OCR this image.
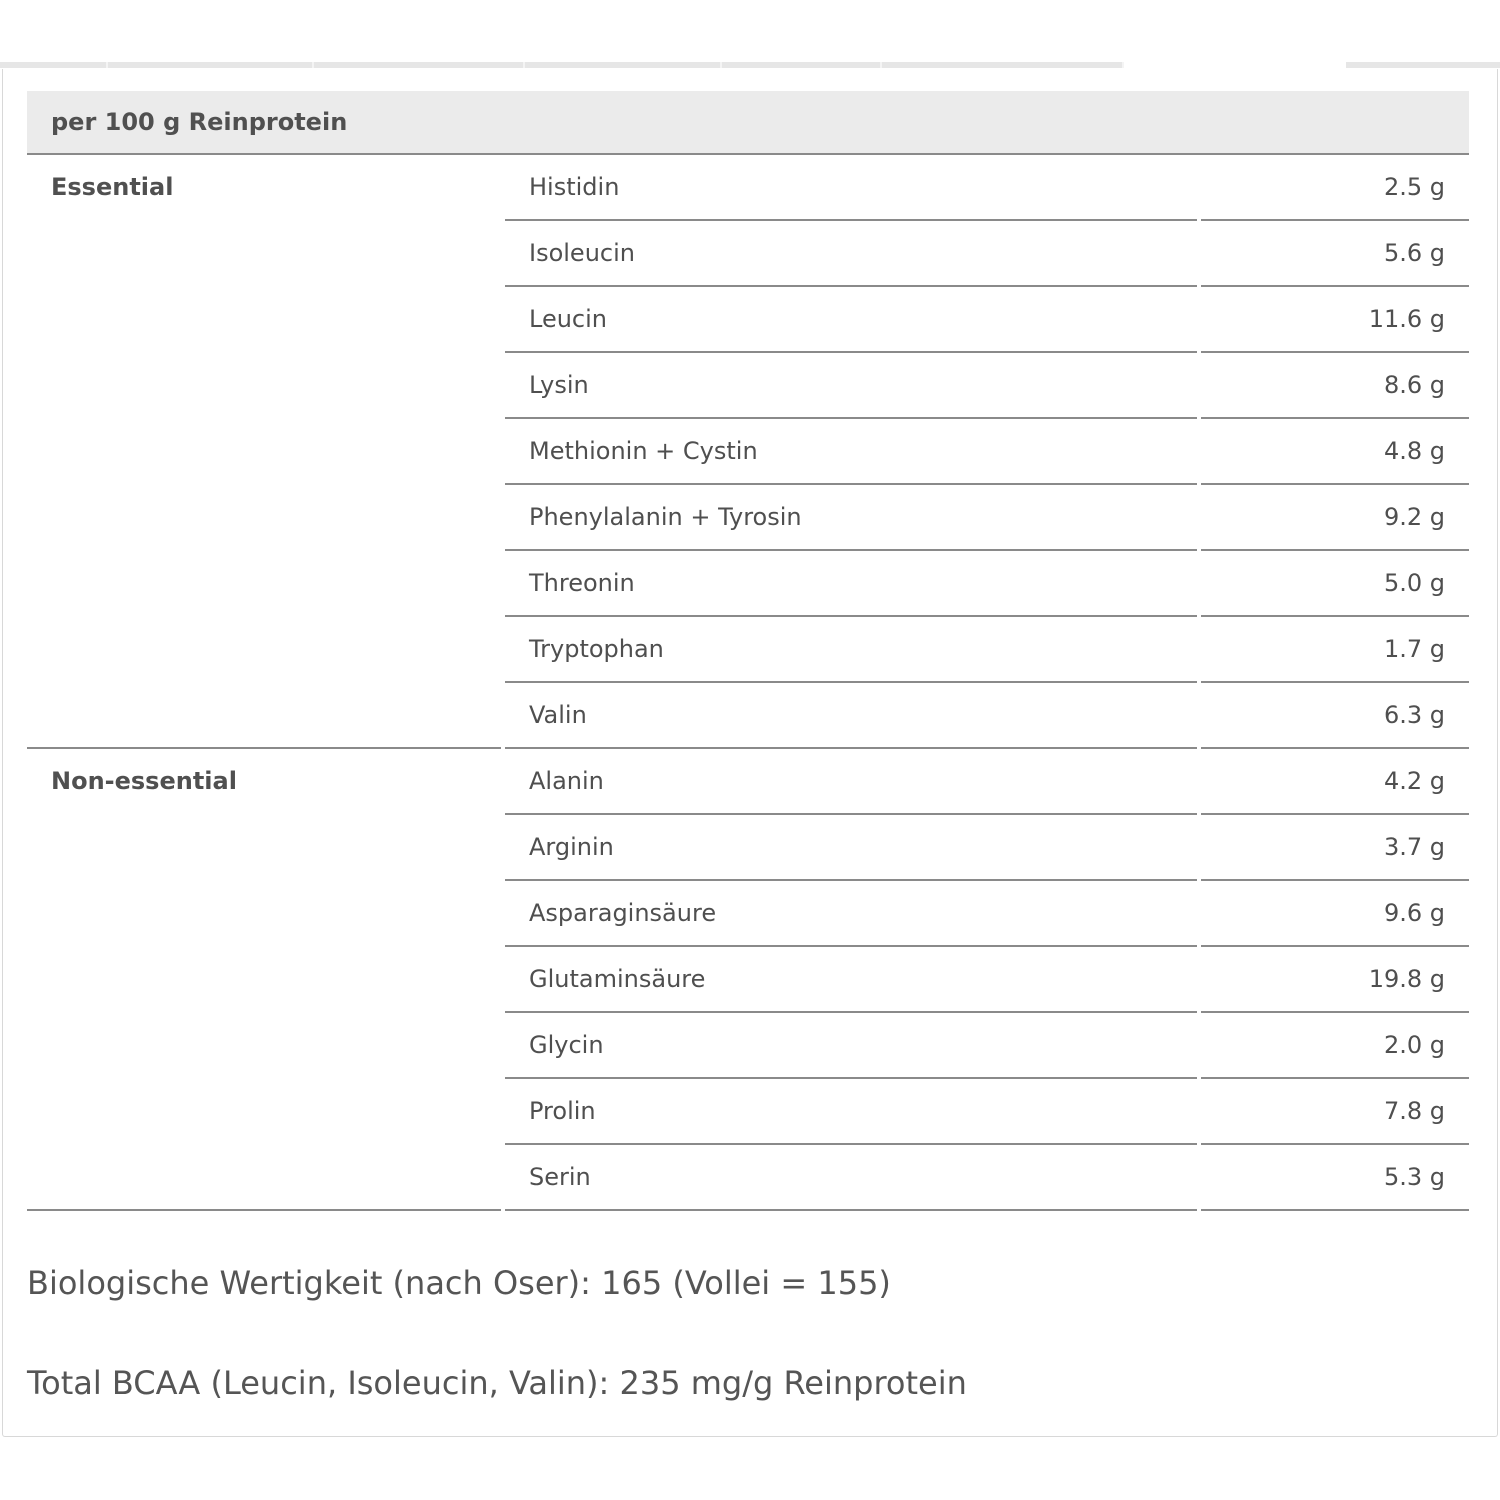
per 100 g Reinprotein
Essential	Histidin	2.5 g
Isoleucin	5.6 g
Leucin	11.6 g
Lysin	8.6 g
Methionin + Cystin	4.8 g
Phenylalanin + Tyrosin	9.2 g
Threonin	5.0 g
Tryptophan	1.7 g
Valin	6.3 g
Non-essential	Alanin	4.2 g
Arginin	3.7 g
Asparaginsäure	9.6 g
Glutaminsäure	19.8 g
Glycin	2.0 g
Prolin	7.8 g
Serin	5.3 g
Biologische Wertigkeit (nach Oser): 165 (Vollei = 155)
Total BCAA (Leucin, Isoleucin, Valin): 235 mg/g Reinprotein
